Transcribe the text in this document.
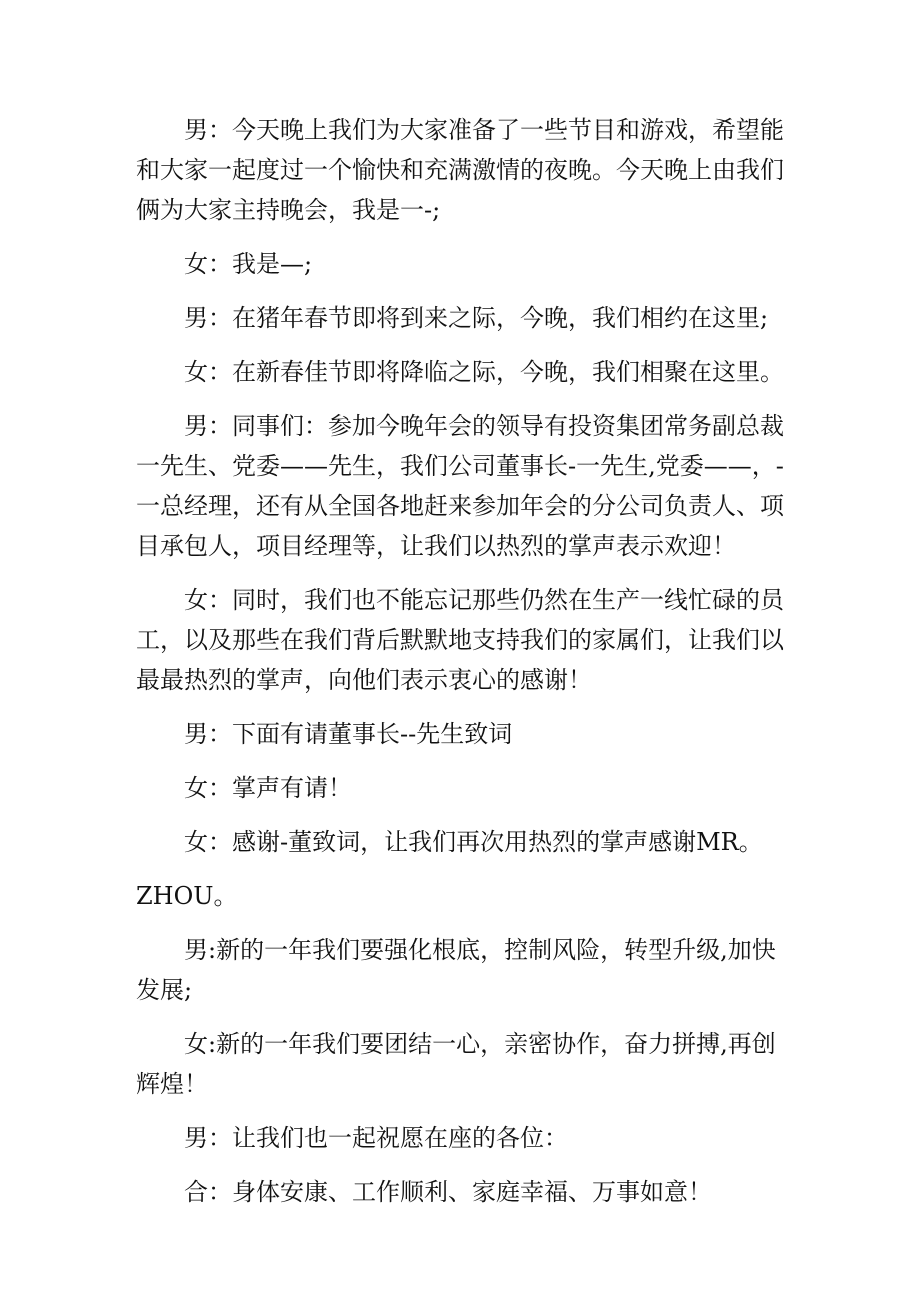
男：今天晚上我们为大家准备了一些节目和游戏，希望能和大家一起度过一个愉快和充满激情的夜晚。今天晚上由我们俩为大家主持晚会，我是一-;

女：我是—;

男：在猪年春节即将到来之际，今晚，我们相约在这里;

女：在新春佳节即将降临之际，今晚，我们相聚在这里。

男：同事们：参加今晚年会的领导有投资集团常务副总裁一先生、党委——先生，我们公司董事长-一先生,党委——，-一总经理，还有从全国各地赶来参加年会的分公司负责人、项目承包人，项目经理等，让我们以热烈的掌声表示欢迎！

女：同时，我们也不能忘记那些仍然在生产一线忙碌的员工，以及那些在我们背后默默地支持我们的家属们，让我们以最最热烈的掌声，向他们表示衷心的感谢！

男：下面有请董事长--先生致词

女：掌声有请！

女：感谢-董致词，让我们再次用热烈的掌声感谢MR。

ZHOU。

男:新的一年我们要强化根底，控制风险，转型升级,加快发展;

女:新的一年我们要团结一心，亲密协作，奋力拼搏,再创辉煌！

男：让我们也一起祝愿在座的各位：

合：身体安康、工作顺利、家庭幸福、万事如意！
